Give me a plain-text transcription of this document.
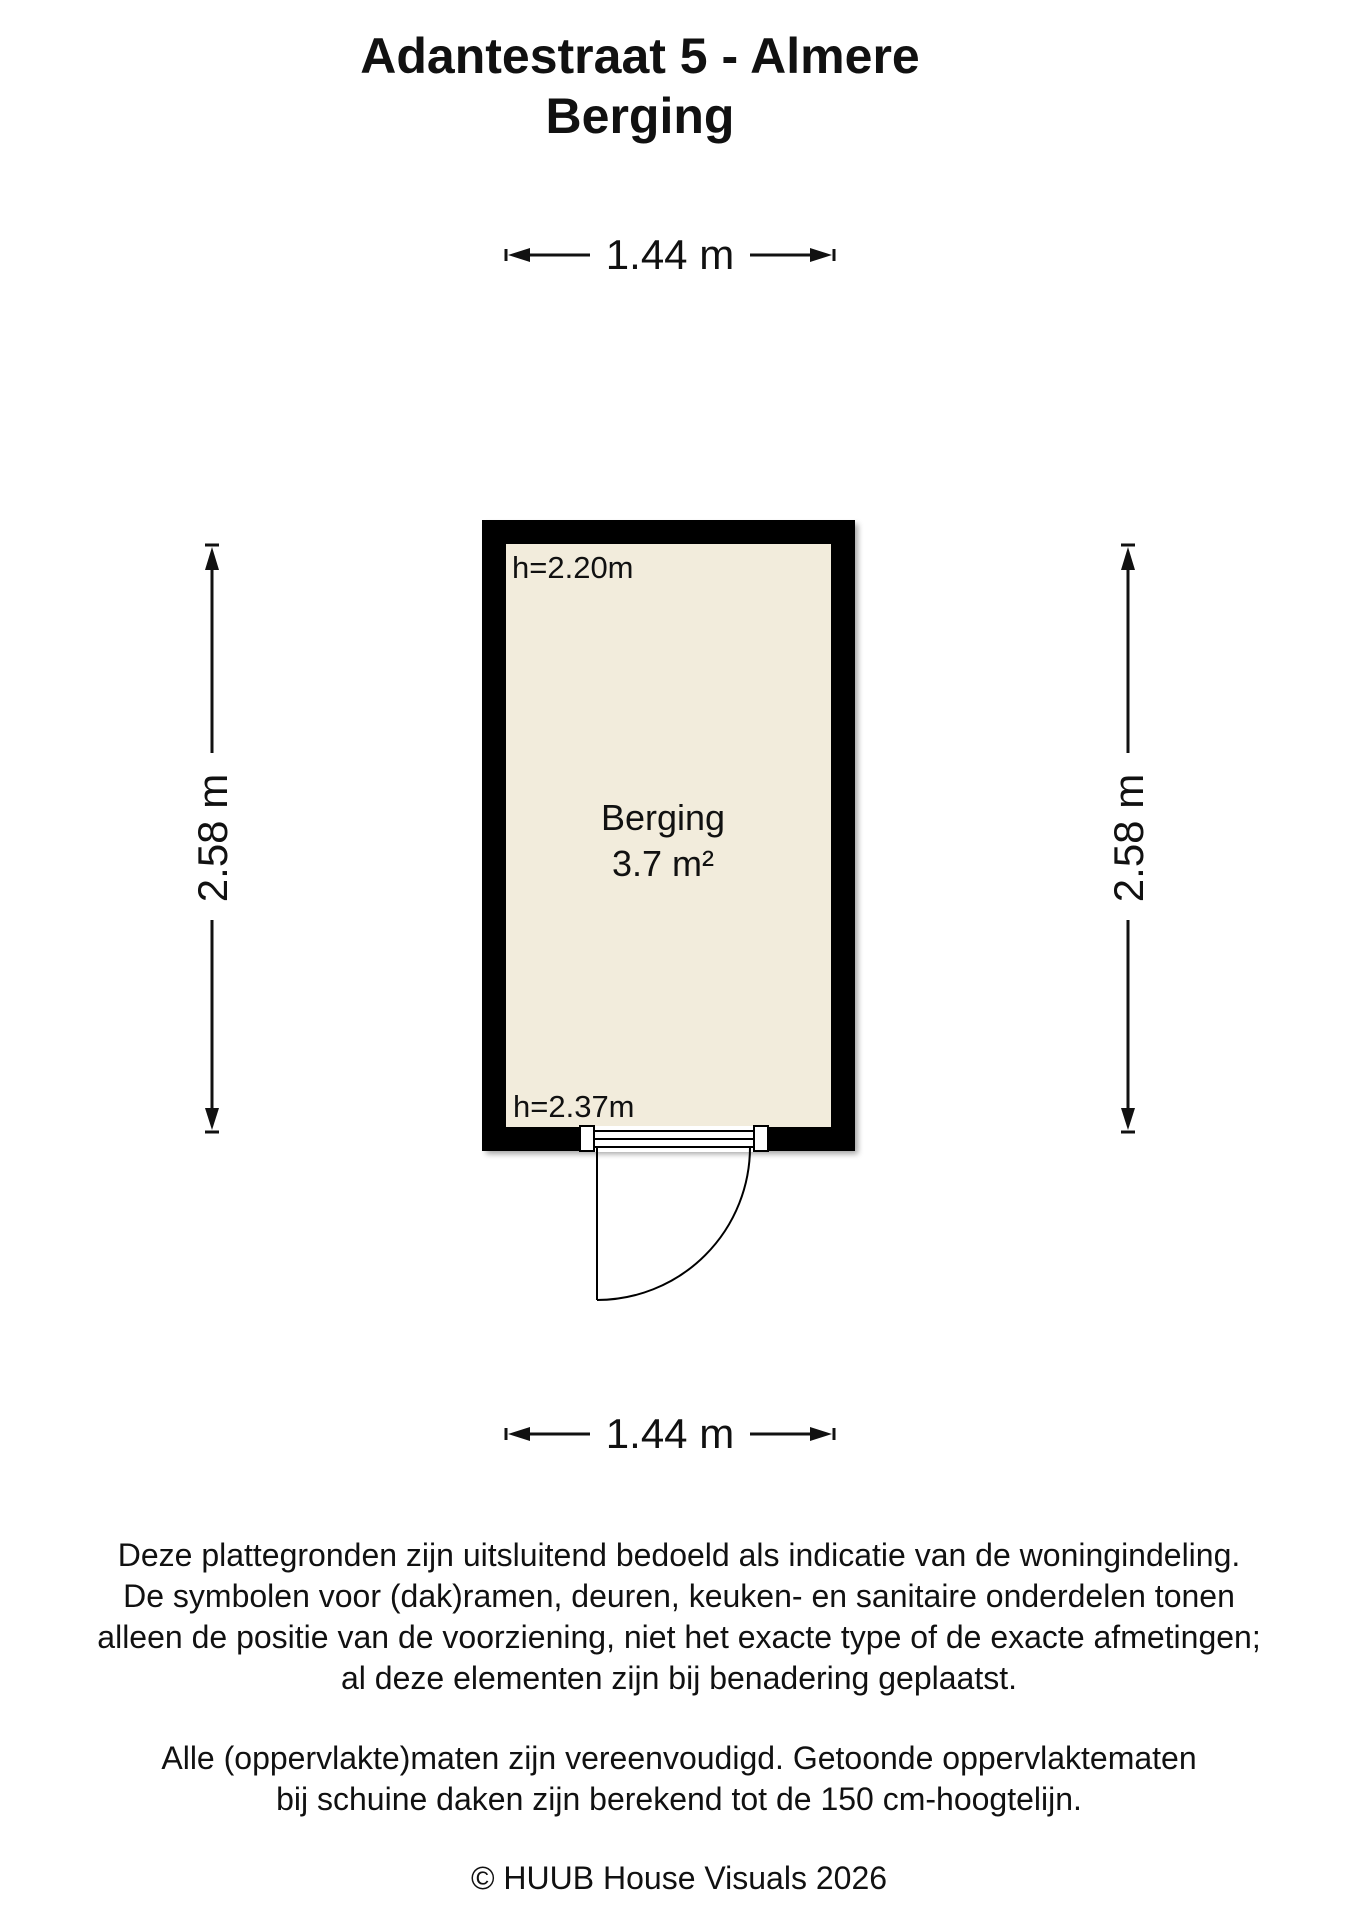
Adantestraat 5 - Almere
Berging
1.44 m
2.58 m	2.58 m
Berging
3.7 m²
h=2.20m
h=2.37m
1.44 m
Deze plattegronden zijn uitsluitend bedoeld als indicatie van de woningindeling.
De symbolen voor (dak)ramen, deuren, keuken- en sanitaire onderdelen tonen
alleen de positie van de voorziening, niet het exacte type of de exacte afmetingen;
al deze elementen zijn bij benadering geplaatst.
Alle (oppervlakte)maten zijn vereenvoudigd. Getoonde oppervlaktematen
bij schuine daken zijn berekend tot de 150 cm-hoogtelijn.
© HUUB House Visuals 2026
